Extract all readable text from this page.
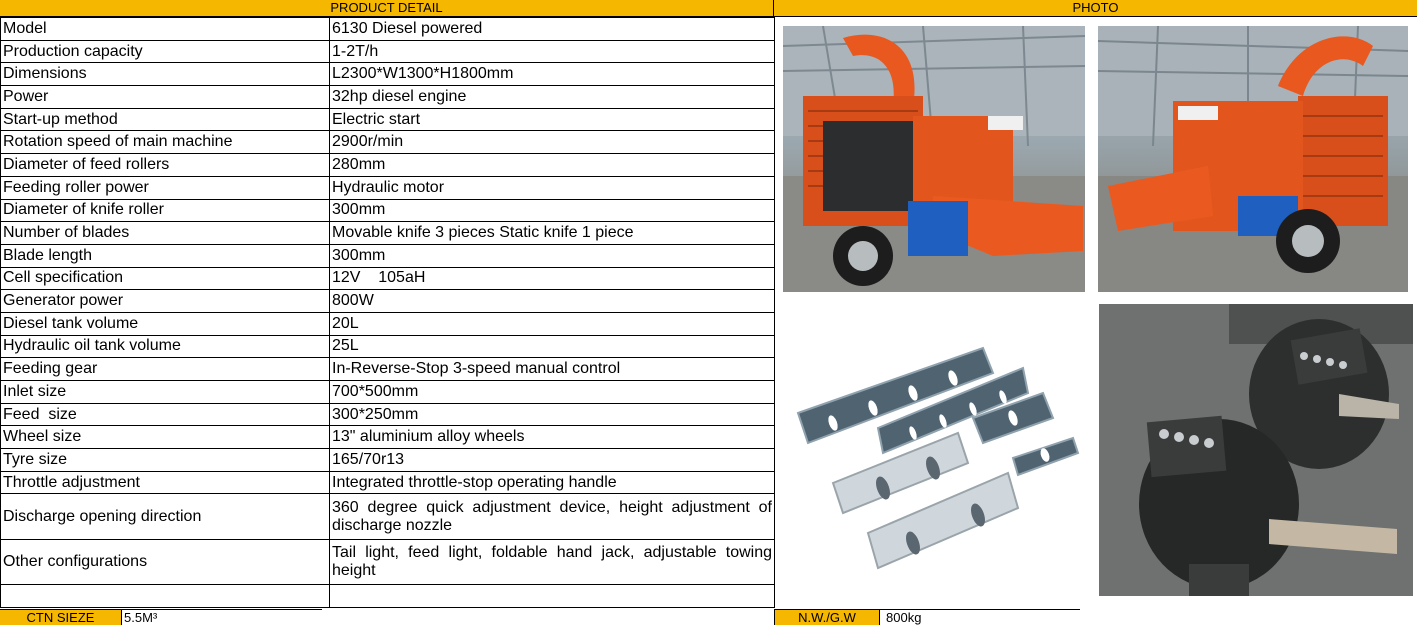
PRODUCT DETAIL	PHOTO
Model	6130 Diesel powered
Production capacity	1-2T/h
Dimensions	L2300*W1300*H1800mm
Power	32hp diesel engine
Start-up method	Electric start
Rotation speed of main machine	2900r/min
Diameter of feed rollers	280mm
Feeding roller power	Hydraulic motor
Diameter of knife roller	300mm
Number of blades	Movable knife 3 pieces Static knife 1 piece
Blade length	300mm
Cell specification	12V    105aH
Generator power	800W
Diesel tank volume	20L
Hydraulic oil tank volume	25L
Feeding gear	In-Reverse-Stop 3-speed manual control
Inlet size	700*500mm
Feed  size	300*250mm
Wheel size	13" aluminium alloy wheels
Tyre size	165/70r13
Throttle adjustment	Integrated throttle-stop operating handle
Discharge opening direction	360 degree quick adjustment device, height adjustment of discharge nozzle
Other configurations	Tail light, feed light, foldable hand jack, adjustable towing height

CTN SIEZE	5.5M³	N.W./G.W	800kg
